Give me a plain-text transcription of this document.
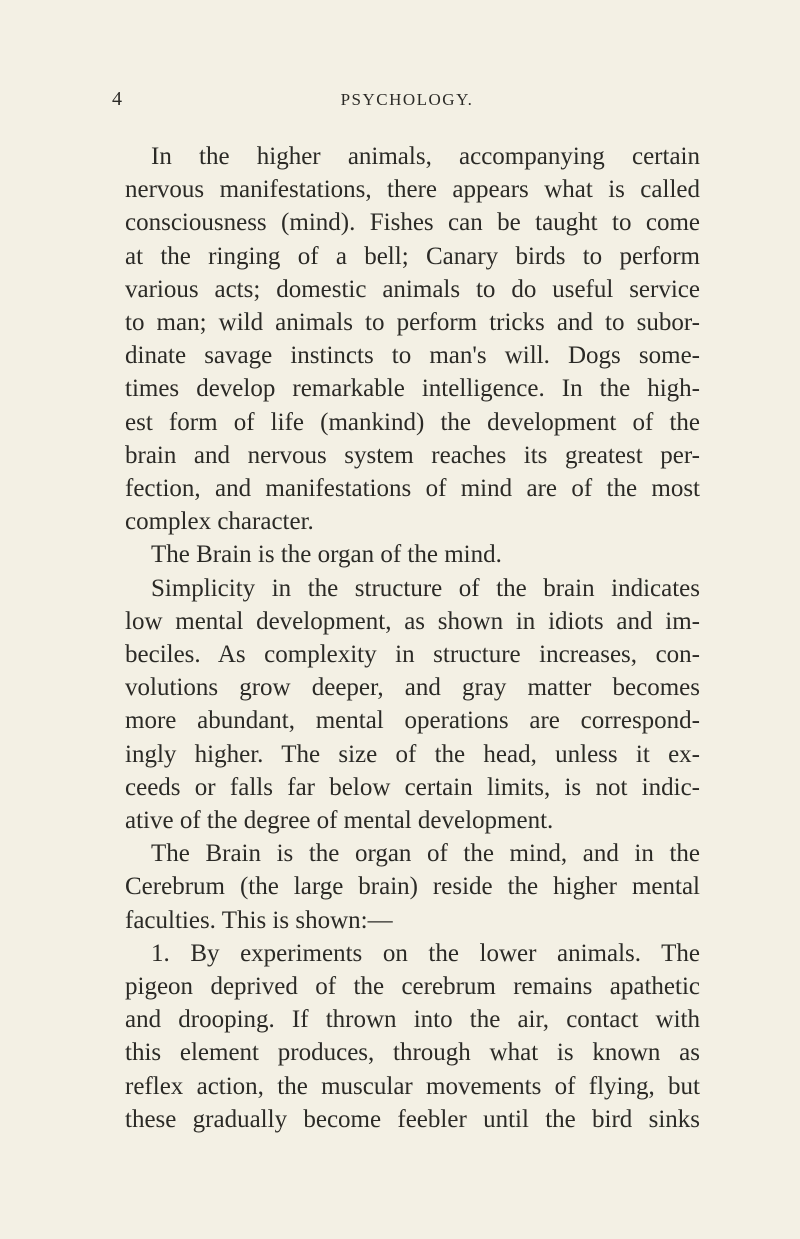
4	PSYCHOLOGY.
In the higher animals, accompanying certain
nervous manifestations, there appears what is called
consciousness (mind). Fishes can be taught to come
at the ringing of a bell; Canary birds to perform
various acts; domestic animals to do useful service
to man; wild animals to perform tricks and to subor-
dinate savage instincts to man's will. Dogs some-
times develop remarkable intelligence. In the high-
est form of life (mankind) the development of the
brain and nervous system reaches its greatest per-
fection, and manifestations of mind are of the most
complex character.
The Brain is the organ of the mind.
Simplicity in the structure of the brain indicates
low mental development, as shown in idiots and im-
beciles. As complexity in structure increases, con-
volutions grow deeper, and gray matter becomes
more abundant, mental operations are correspond-
ingly higher. The size of the head, unless it ex-
ceeds or falls far below certain limits, is not indic-
ative of the degree of mental development.
The Brain is the organ of the mind, and in the
Cerebrum (the large brain) reside the higher mental
faculties. This is shown:—
1. By experiments on the lower animals. The
pigeon deprived of the cerebrum remains apathetic
and drooping. If thrown into the air, contact with
this element produces, through what is known as
reflex action, the muscular movements of flying, but
these gradually become feebler until the bird sinks
